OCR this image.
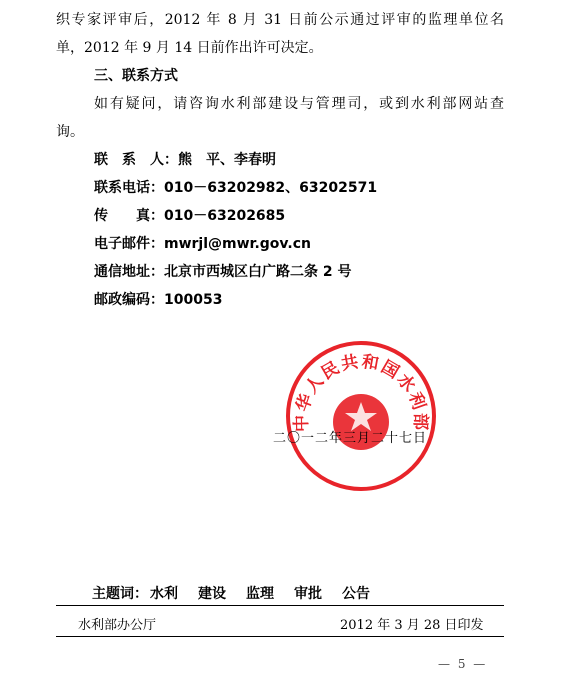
织专家评审后，2012 年 8 月 31 日前公示通过评审的监理单位名
单，2012 年 9 月 14 日前作出许可决定。
三、联系方式
如有疑问，请咨询水利部建设与管理司，或到水利部网站查
询。
联　系　人：熊　平、李春明
联系电话：010－63202982、63202571
传　　真：010－63202685
电子邮件：mwrjl@mwr.gov.cn
通信地址：北京市西城区白广路二条 2 号
邮政编码：100053
中华人民共和国水利部
二〇一二年三月二十七日
主题词： 水利 建设 监理 审批 公告
水利部办公厅	2012 年 3 月 28 日印发
— 5 —
